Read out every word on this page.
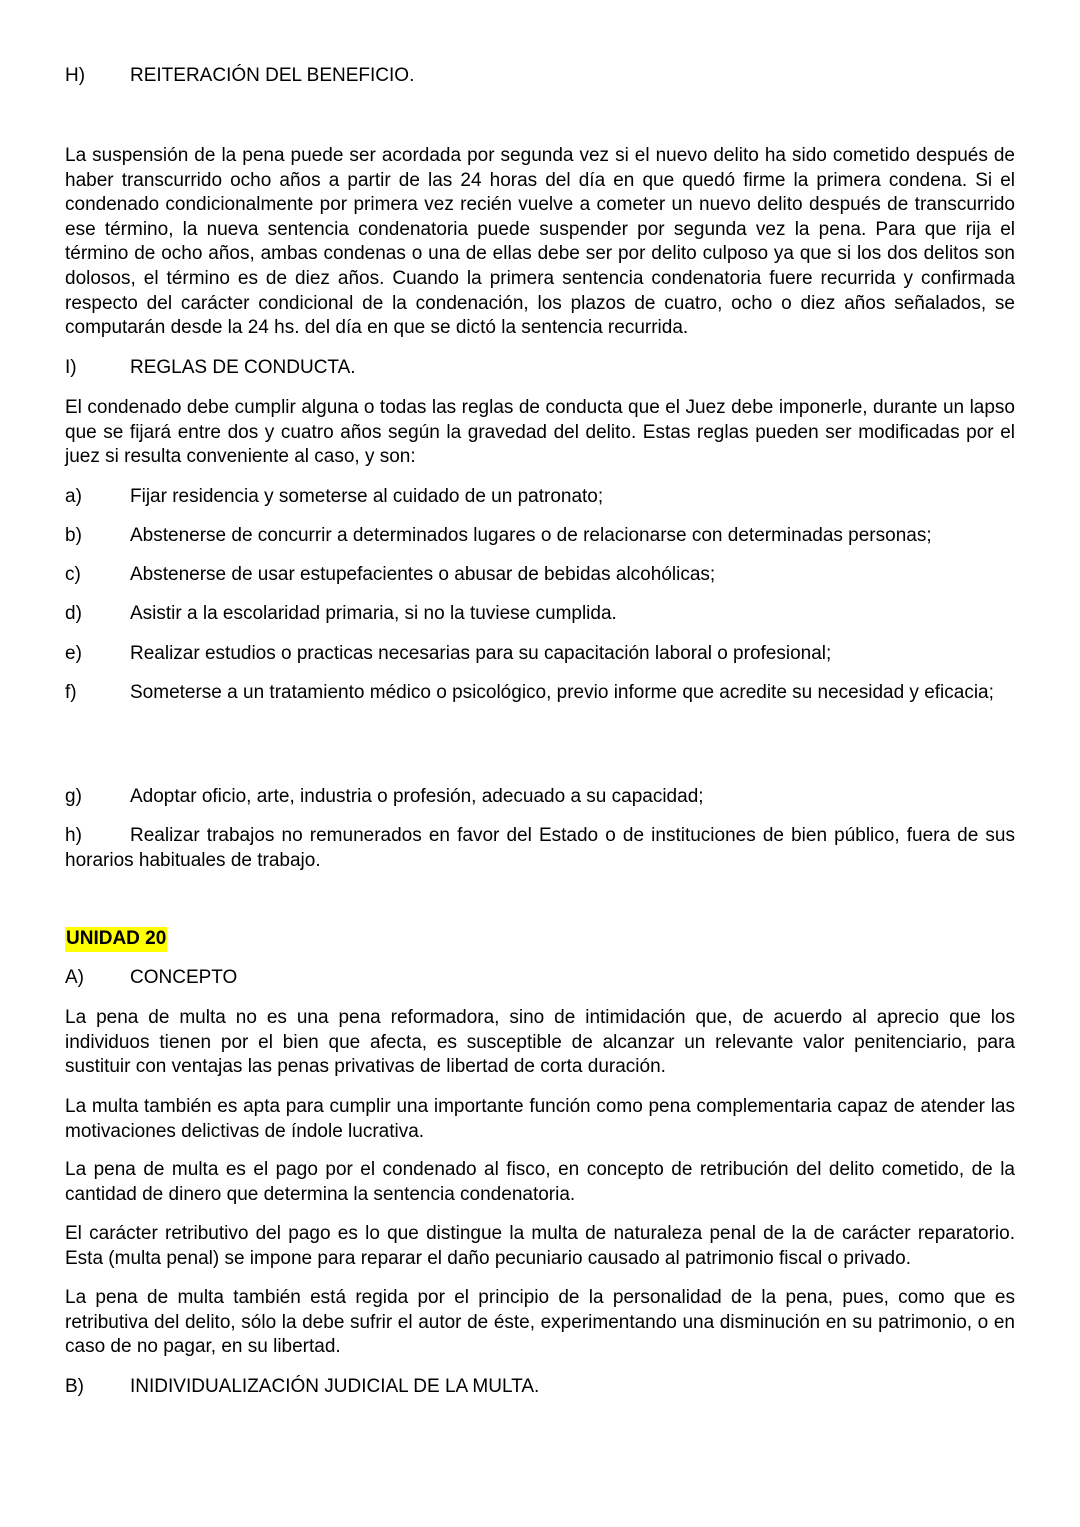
H)	REITERACIÓN DEL BENEFICIO.

La suspensión de la pena puede ser acordada por segunda vez si el nuevo delito ha sido cometido después de haber transcurrido ocho años a partir de las 24 horas del día en que quedó firme la primera condena. Si el condenado condicionalmente por primera vez recién vuelve a cometer un nuevo delito después de transcurrido ese término, la nueva sentencia condenatoria puede suspender por segunda vez la pena. Para que rija el término de ocho años, ambas condenas o una de ellas debe ser por delito culposo ya que si los dos delitos son dolosos, el término es de diez años. Cuando la primera sentencia condenatoria fuere recurrida y confirmada respecto del carácter condicional de la condenación, los plazos de cuatro, ocho o diez años señalados, se computarán desde la 24 hs. del día en que se dictó la sentencia recurrida.

I)	REGLAS DE CONDUCTA.

El condenado debe cumplir alguna o todas las reglas de conducta que el Juez debe imponerle, durante un lapso que se fijará entre dos y cuatro años según la gravedad del delito. Estas reglas pueden ser modificadas por el juez si resulta conveniente al caso, y son:

a)	Fijar residencia y someterse al cuidado de un patronato;
b)	Abstenerse de concurrir a determinados lugares o de relacionarse con determinadas personas;
c)	Abstenerse de usar estupefacientes o abusar de bebidas alcohólicas;
d)	Asistir a la escolaridad primaria, si no la tuviese cumplida.
e)	Realizar estudios o practicas necesarias para su capacitación laboral o profesional;

f)	Someterse a un tratamiento médico o psicológico, previo informe que acredite su necesidad y eficacia;

g)	Adoptar oficio, arte, industria o profesión, adecuado a su capacidad;

h)	Realizar trabajos no remunerados en favor del Estado o de instituciones de bien público, fuera de sus horarios habituales de trabajo.

UNIDAD 20
A)	CONCEPTO

La pena de multa no es una pena reformadora, sino de intimidación que, de acuerdo al aprecio que los individuos tienen por el bien que afecta, es susceptible de alcanzar un relevante valor penitenciario, para sustituir con ventajas las penas privativas de libertad de corta duración.

La multa también es apta para cumplir una importante función como pena complementaria capaz de atender las motivaciones delictivas de índole lucrativa.

La pena de multa es el pago por el condenado al fisco, en concepto de retribución del delito cometido, de la cantidad de dinero que determina la sentencia condenatoria.

El carácter retributivo del pago es lo que distingue la multa de naturaleza penal de la de carácter reparatorio. Esta (multa penal) se impone para reparar el daño pecuniario causado al patrimonio fiscal o privado.

La pena de multa también está regida por el principio de la personalidad de la pena, pues, como que es retributiva del delito, sólo la debe sufrir el autor de éste, experimentando una disminución en su patrimonio, o en caso de no pagar, en su libertad.

B)	INIDIVIDUALIZACIÓN JUDICIAL DE LA MULTA.
